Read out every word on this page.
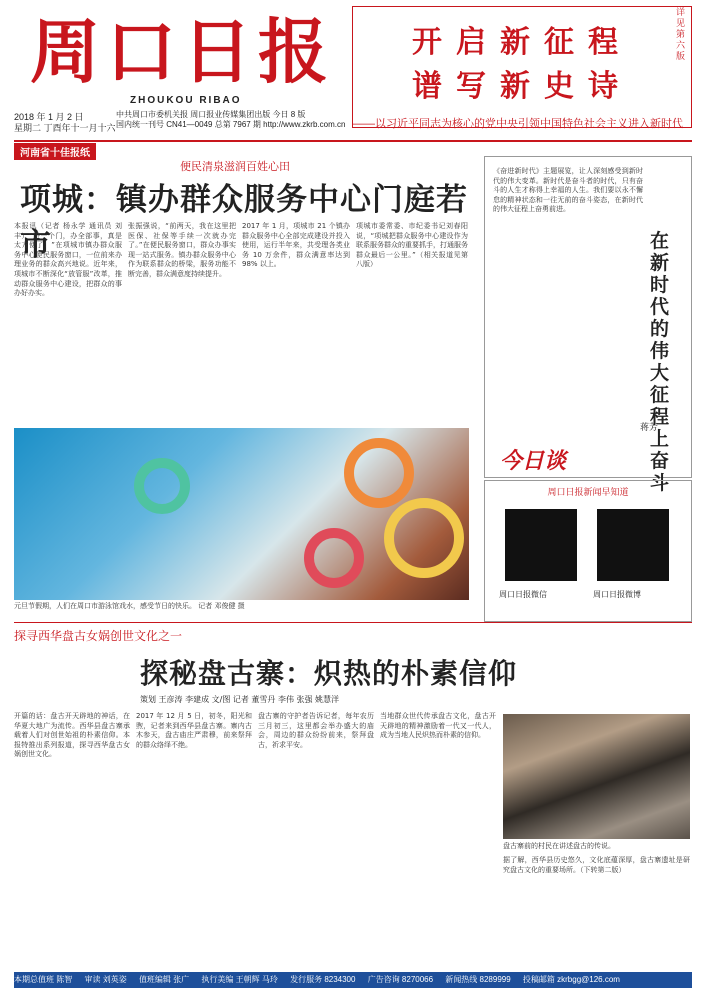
周口日报
ZHOUKOU RIBAO
开启新征程
谱写新史诗
——以习近平同志为核心的党中央引领中国特色社会主义进入新时代
详见第六版
2018 年 1 月 2 日
星期二 丁酉年十一月十六
中共周口市委机关报 周口报业传媒集团出版 今日 8 版
国内统一刊号 CN41—0049 总第 7967 期 http://www.zkrb.com.cn
河南省十佳报纸
便民清泉滋润百姓心田
项城：镇办群众服务中心门庭若市
本报讯（记者 杨永学 通讯员 刘丰）“进一个门，办全部事，真是太方便了！”在项城市镇办群众服务中心便民服务窗口，一位前来办理业务的群众高兴地说。近年来，项城市不断深化“放管服”改革，推动群众服务中心建设，把群众的事办好办实。
张振强说，“前两天，我在这里把医保、社保等手续一次就办完了。”在便民服务窗口，群众办事实现一站式服务。镇办群众服务中心作为联系群众的桥梁，服务功能不断完善，群众满意度持续提升。
2017 年 1 月，项城市 21 个镇办群众服务中心全部完成建设并投入使用，运行半年来，共受理各类业务 10 万余件，群众满意率达到 98% 以上。
项城市委常委、市纪委书记刘春阳说，“项城把群众服务中心建设作为联系服务群众的重要抓手，打通服务群众最后一公里。”（相关报道见第八版）
元旦节假期，人们在周口市游泳馆戏水，感受节日的快乐。 记者 邓俊健 摄
《奋进新时代》主题展览，让人深刻感受到新时代的伟大变革。新时代是奋斗者的时代，只有奋斗的人生才称得上幸福的人生。我们要以永不懈怠的精神状态和一往无前的奋斗姿态，在新时代的伟大征程上奋勇前进。
在新时代的伟大征程上奋斗
蒋芳
今日谈
周口日报新闻早知道
周口日报微信	周口日报微博
探寻西华盘古女娲创世文化之一
探秘盘古寨：炽热的朴素信仰
策划 王彦涛 李建成 文/图 记者 董雪丹 李伟 张强 姚慧洋
开篇的话：盘古开天辟地的神话，在华夏大地广为流传。西华县盘古寨承载着人们对创世始祖的朴素信仰。本报特推出系列报道，探寻西华盘古女娲创世文化。
2017 年 12 月 5 日，初冬，阳光和煦，记者来到西华县盘古寨。寨内古木参天，盘古庙庄严肃穆，前来祭拜的群众络绎不绝。
盘古寨的守护者告诉记者，每年农历三月初三，这里都会举办盛大的庙会，周边的群众纷纷前来，祭拜盘古，祈求平安。
当地群众世代传承盘古文化，盘古开天辟地的精神激励着一代又一代人，成为当地人民炽热而朴素的信仰。
盘古寨前的村民在讲述盘古的传说。
据了解，西华县历史悠久，文化底蕴深厚，盘古寨遗址是研究盘古文化的重要场所。（下转第二版）
本期总值班 陈智 审读 刘英姿 值班编辑 张广 执行美编 王朝辉 马玲 发行服务 8234300 广告咨询 8270066 新闻热线 8289999 投稿邮箱 zkrbgg@126.com
